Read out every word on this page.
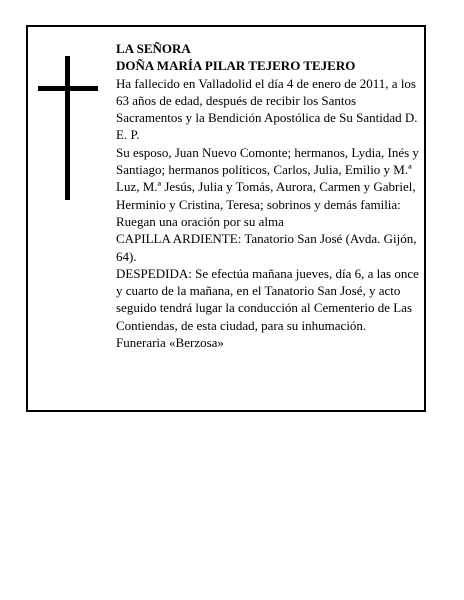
LA SEÑORA

DOÑA MARÍA PILAR TEJERO TEJERO

Ha fallecido en Valladolid el día 4 de enero de 2011, a los 63 años de edad, después de recibir los Santos Sacramentos y la Bendición Apostólica de Su Santidad D. E. P.

Su esposo, Juan Nuevo Comonte; hermanos, Lydia, Inés y Santiago; hermanos políticos, Carlos, Julia, Emilio y M.ª Luz, M.ª Jesús, Julia y Tomás, Aurora, Carmen y Gabriel, Herminio y Cristina, Teresa; sobrinos y demás familia:

Ruegan una oración por su alma

CAPILLA ARDIENTE: Tanatorio San José (Avda. Gijón, 64).

DESPEDIDA: Se efectúa mañana jueves, día 6, a las once y cuarto de la mañana, en el Tanatorio San José, y acto seguido tendrá lugar la conducción al Cementerio de Las Contiendas, de esta ciudad, para su inhumación.

Funeraria «Berzosa»
